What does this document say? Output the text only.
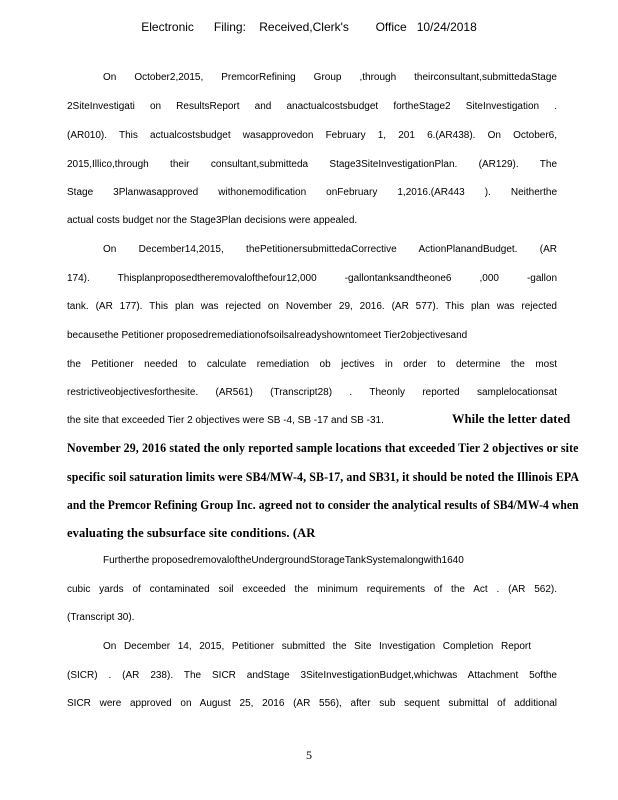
Electronic      Filing:    Received,Clerk's        Office   10/24/2018
On October2,2015, PremcorRefining Group ,through theirconsultant,submittedaStage
2SiteInvestigati on ResultsReport and anactualcostsbudget fortheStage2 SiteInvestigation .
(AR010). This actualcostsbudget wasapprovedon February 1, 201 6.(AR438). On October6,
2015,Illico,through their consultant,submitteda Stage3SiteInvestigationPlan. (AR129). The
Stage 3Planwasapproved withonemodification onFebruary 1,2016.(AR443 ). Neitherthe
actual costs budget nor the Stage3Plan decisions were appealed.
On December14,2015, thePetitionersubmittedaCorrective ActionPlanandBudget. (AR
174). Thisplanproposedtheremovalofthefour12,000 -gallontanksandtheone6 ,000 -gallon
tank. (AR 177). This plan was rejected on November 29, 2016. (AR 577). This plan was rejected
becausethe Petitioner proposedremediationofsoilsalreadyshowntomeet Tier2objectivesand
the Petitioner needed to calculate remediation ob jectives in order to determine the most
restrictiveobjectivesforthesite. (AR561) (Transcript28) . Theonly reported samplelocationsat
the site that exceeded Tier 2 objectives were SB -4, SB -17 and SB -31.	While the letter dated
November 29, 2016 stated the only reported sample locations that exceeded Tier 2 objectives or site
specific soil saturation limits were SB4/MW-4, SB-17, and SB31, it should be noted the Illinois EPA
and the Premcor Refining Group Inc. agreed not to consider the analytical results of SB4/MW-4 when
evaluating the subsurface site conditions. (AR
Furtherthe proposedremovaloftheUndergroundStorageTankSystemalongwith1640
cubic yards of contaminated soil exceeded the minimum requirements of the Act . (AR 562).
(Transcript 30).
On December 14, 2015, Petitioner submitted the Site Investigation Completion Report
(SICR) . (AR 238). The SICR andStage 3SiteInvestigationBudget,whichwas Attachment 5ofthe
SICR were approved on August 25, 2016 (AR 556), after sub sequent submittal of additional
5
